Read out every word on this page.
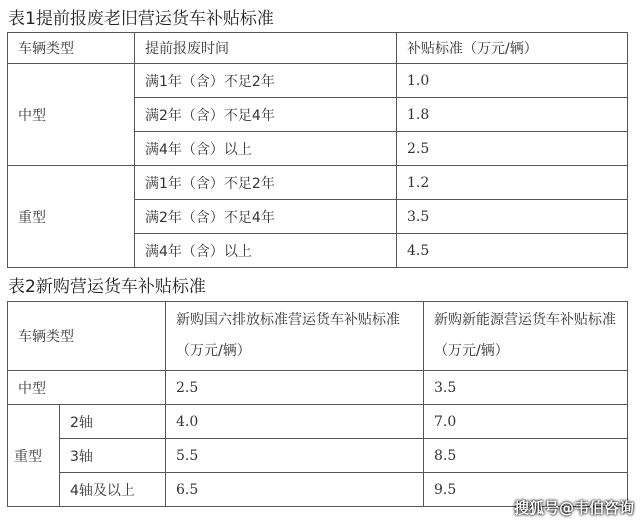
表1提前报废老旧营运货车补贴标准
车辆类型	提前报废时间	补贴标准（万元/辆）
中型	满1年（含）不足2年	1.0
	满2年（含）不足4年	1.8
	满4年（含）以上	2.5
重型	满1年（含）不足2年	1.2
	满2年（含）不足4年	3.5
	满4年（含）以上	4.5
表2新购营运货车补贴标准
车辆类型		新购国六排放标准营运货车补贴标准（万元/辆）	新购新能源营运货车补贴标准（万元/辆）
中型		2.5	3.5
重型	2轴	4.0	7.0
	3轴	5.5	8.5
	4轴及以上	6.5	9.5
搜狐号@韦伯咨询
